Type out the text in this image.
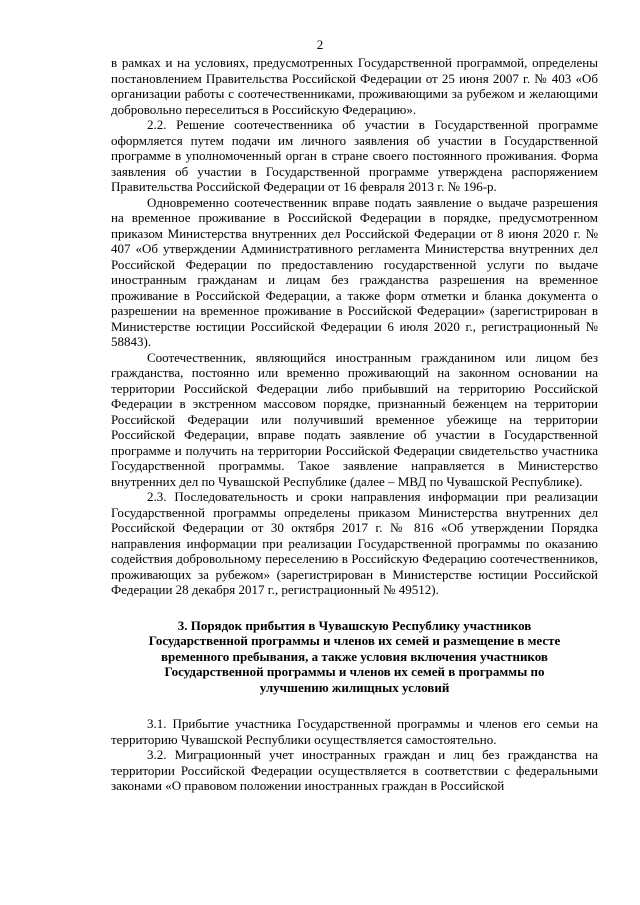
2

в рамках и на условиях, предусмотренных Государственной программой, определены постановлением Правительства Российской Федерации от 25 июня 2007 г. № 403 «Об организации работы с соотечественниками, проживающими за рубежом и желающими добровольно переселиться в Российскую Федерацию».

2.2. Решение соотечественника об участии в Государственной программе оформляется путем подачи им личного заявления об участии в Государственной программе в уполномоченный орган в стране своего постоянного проживания. Форма заявления об участии в Государственной программе утверждена распоряжением Правительства Российской Федерации от 16 февраля 2013 г. № 196-р.

Одновременно соотечественник вправе подать заявление о выдаче разрешения на временное проживание в Российской Федерации в порядке, предусмотренном приказом Министерства внутренних дел Российской Федерации от 8 июня 2020 г. № 407 «Об утверждении Административного регламента Министерства внутренних дел Российской Федерации по предоставлению государственной услуги по выдаче иностранным гражданам и лицам без гражданства разрешения на временное проживание в Российской Федерации, а также форм отметки и бланка документа о разрешении на временное проживание в Российской Федерации» (зарегистрирован в Министерстве юстиции Российской Федерации 6 июля 2020 г., регистрационный № 58843).

Соотечественник, являющийся иностранным гражданином или лицом без гражданства, постоянно или временно проживающий на законном основании на территории Российской Федерации либо прибывший на территорию Российской Федерации в экстренном массовом порядке, признанный беженцем на территории Российской Федерации или получивший временное убежище на территории Российской Федерации, вправе подать заявление об участии в Государственной программе и получить на территории Российской Федерации свидетельство участника Государственной программы. Такое заявление направляется в Министерство внутренних дел по Чувашской Республике (далее – МВД по Чувашской Республике).

2.3. Последовательность и сроки направления информации при реализации Государственной программы определены приказом Министерства внутренних дел Российской Федерации от 30 октября 2017 г. № 816 «Об утверждении Порядка направления информации при реализации Государственной программы по оказанию содействия добровольному переселению в Российскую Федерацию соотечественников, проживающих за рубежом» (зарегистрирован в Министерстве юстиции Российской Федерации 28 декабря 2017 г., регистрационный № 49512).

3. Порядок прибытия в Чувашскую Республику участников Государственной программы и членов их семей и размещение в месте временного пребывания, а также условия включения участников Государственной программы и членов их семей в программы по улучшению жилищных условий

3.1. Прибытие участника Государственной программы и членов его семьи на территорию Чувашской Республики осуществляется самостоятельно.

3.2. Миграционный учет иностранных граждан и лиц без гражданства на территории Российской Федерации осуществляется в соответствии с федеральными законами «О правовом положении иностранных граждан в Российской
